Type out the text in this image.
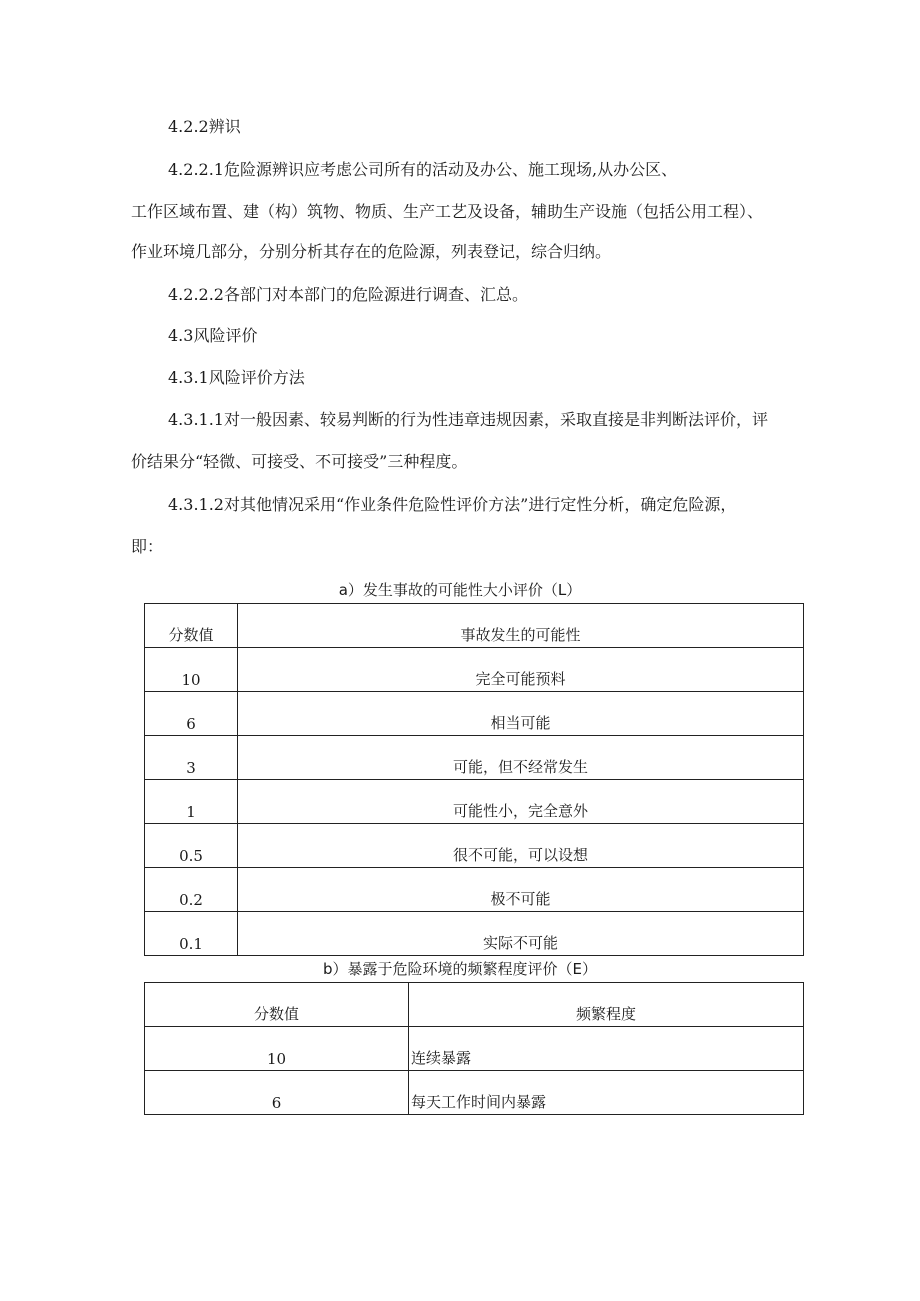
4.2.2辨识

4.2.2.1危险源辨识应考虑公司所有的活动及办公、施工现场,从办公区、

工作区域布置、建（构）筑物、物质、生产工艺及设备，辅助生产设施（包括公用工程）、

作业环境几部分，分别分析其存在的危险源，列表登记，综合归纳。

4.2.2.2各部门对本部门的危险源进行调查、汇总。

4.3风险评价

4.3.1风险评价方法

4.3.1.1对一般因素、较易判断的行为性违章违规因素，采取直接是非判断法评价，评

价结果分“轻微、可接受、不可接受”三种程度。

4.3.1.2对其他情况采用“作业条件危险性评价方法”进行定性分析，确定危险源，

即：

a）发生事故的可能性大小评价（L）
分数值	事故发生的可能性
10	完全可能预料
6	相当可能
3	可能，但不经常发生
1	可能性小，完全意外
0.5	很不可能，可以设想
0.2	极不可能
0.1	实际不可能
b）暴露于危险环境的频繁程度评价（E）
分数值	频繁程度
10	连续暴露
6	每天工作时间内暴露
